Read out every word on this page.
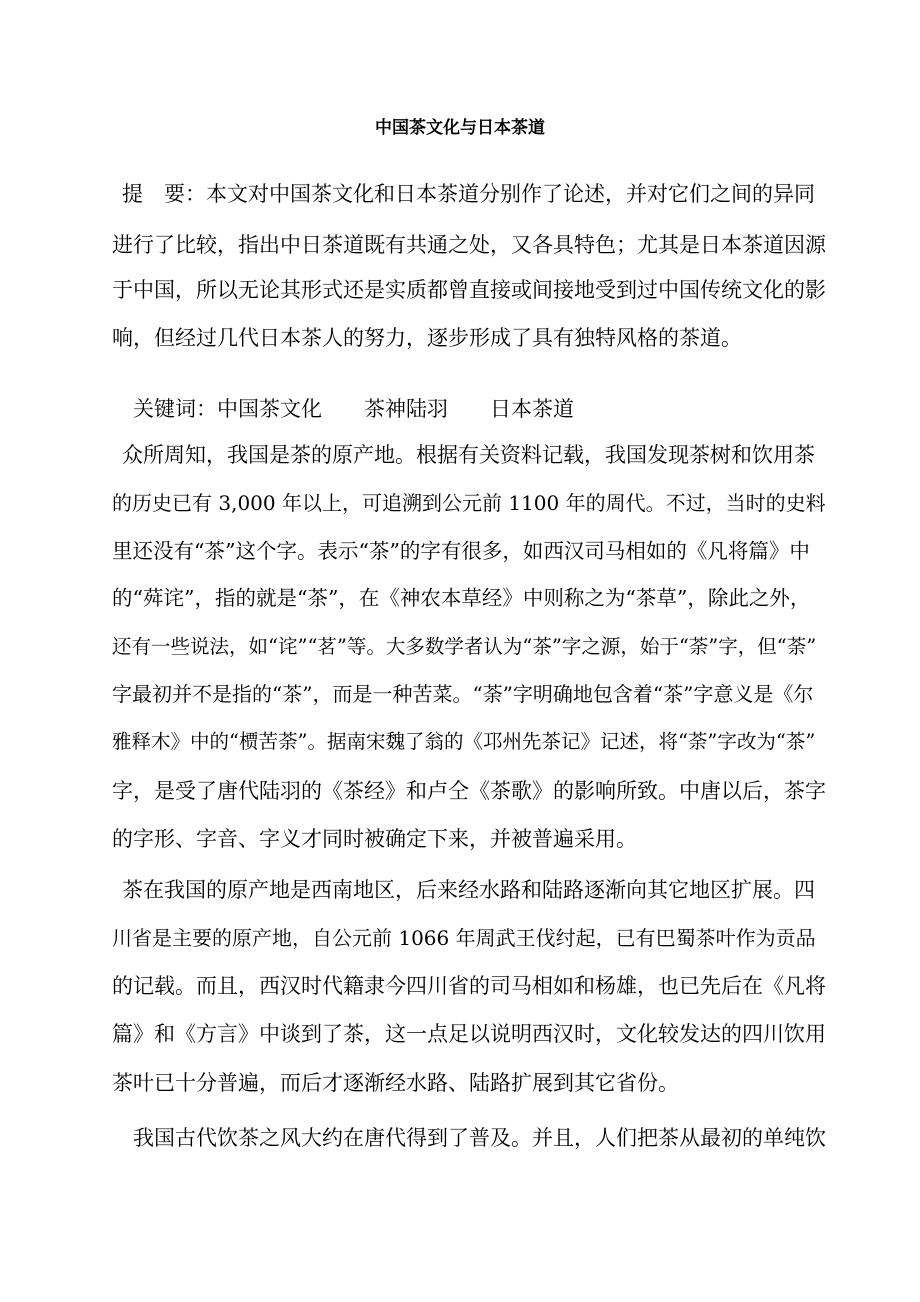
中国茶文化与日本茶道
提　要：本文对中国茶文化和日本茶道分别作了论述，并对它们之间的异同
进行了比较，指出中日茶道既有共通之处，又各具特色；尤其是日本茶道因源
于中国，所以无论其形式还是实质都曾直接或间接地受到过中国传统文化的影
响，但经过几代日本茶人的努力，逐步形成了具有独特风格的茶道。
关键词：中国茶文化　　茶神陆羽　　日本茶道
众所周知，我国是茶的原产地。根据有关资料记载，我国发现茶树和饮用茶
的历史已有 3,000 年以上，可追溯到公元前 1100 年的周代。不过，当时的史料
里还没有“茶”这个字。表示“茶”的字有很多，如西汉司马相如的《凡将篇》中
的“荈诧”，指的就是“茶”，在《神农本草经》中则称之为“茶草”，除此之外，
还有一些说法，如“诧”“茗”等。大多数学者认为“茶”字之源，始于“荼”字，但“荼”
字最初并不是指的“茶”，而是一种苦菜。“荼”字明确地包含着“茶”字意义是《尔
雅释木》中的“槚苦荼”。据南宋魏了翁的《邛州先茶记》记述，将“荼”字改为“茶”
字，是受了唐代陆羽的《茶经》和卢仝《茶歌》的影响所致。中唐以后，茶字
的字形、字音、字义才同时被确定下来，并被普遍采用。
茶在我国的原产地是西南地区，后来经水路和陆路逐渐向其它地区扩展。四
川省是主要的原产地，自公元前 1066 年周武王伐纣起，已有巴蜀茶叶作为贡品
的记载。而且，西汉时代籍隶今四川省的司马相如和杨雄，也已先后在《凡将
篇》和《方言》中谈到了茶，这一点足以说明西汉时，文化较发达的四川饮用
茶叶已十分普遍，而后才逐渐经水路、陆路扩展到其它省份。
我国古代饮茶之风大约在唐代得到了普及。并且，人们把茶从最初的单纯饮
